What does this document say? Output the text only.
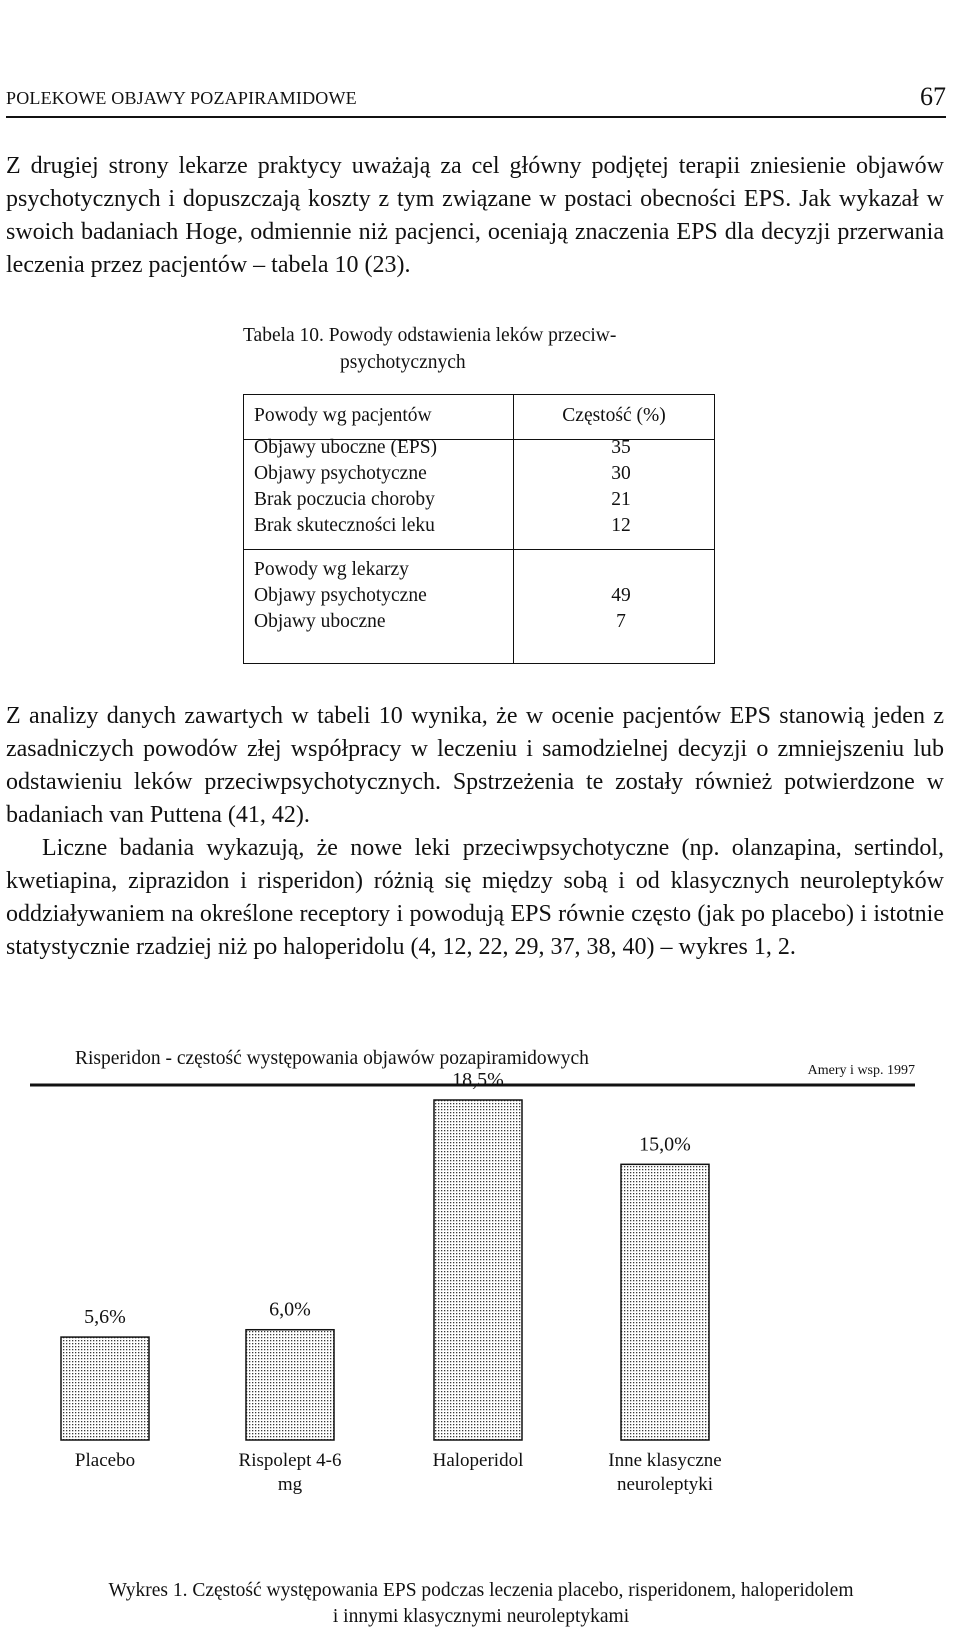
POLEKOWE OBJAWY POZAPIRAMIDOWE	67

Z drugiej strony lekarze praktycy uważają za cel główny podjętej terapii zniesienie objawów psychotycznych i dopuszczają koszty z tym związane w postaci obecności EPS. Jak wykazał w swoich badaniach Hoge, odmiennie niż pacjenci, oceniają znaczenia EPS dla decyzji przerwania leczenia przez pacjentów – tabela 10 (23).

Tabela 10. Powody odstawienia leków przeciw-
psychotycznych
Powody wg pacjentów	Częstość (%)
Objawy uboczne (EPS)	35
Objawy psychotyczne	30
Brak poczucia choroby	21
Brak skuteczności leku	12
Powody wg lekarzy
Objawy psychotyczne	49
Objawy uboczne	7
Z analizy danych zawartych w tabeli 10 wynika, że w ocenie pacjentów EPS stanowią jeden z zasadniczych powodów złej współpracy w leczeniu i samodzielnej decyzji o zmniejszeniu lub odstawieniu leków przeciwpsychotycznych. Spstrzeżenia te zostały również potwierdzone w badaniach van Puttena (41, 42).
Liczne badania wykazują, że nowe leki przeciwpsychotyczne (np. olanzapina, sertindol, kwetiapina, ziprazidon i risperidon) różnią się między sobą i od klasycznych neuroleptyków oddziaływaniem na określone receptory i powodują EPS równie często (jak po placebo) i istotnie statystycznie rzadziej niż po haloperidolu (4, 12, 22, 29, 37, 38, 40) – wykres 1, 2.
Risperidon - częstość występowania objawów pozapiramidowych
Amery i wsp. 1997
5,6%
Placebo
6,0%
Rispolept 4-6
mg
18,5%
Haloperidol
15,0%
Inne klasyczne
neuroleptyki
Wykres 1. Częstość występowania EPS podczas leczenia placebo, risperidonem, haloperidolem
i innymi klasycznymi neuroleptykami
